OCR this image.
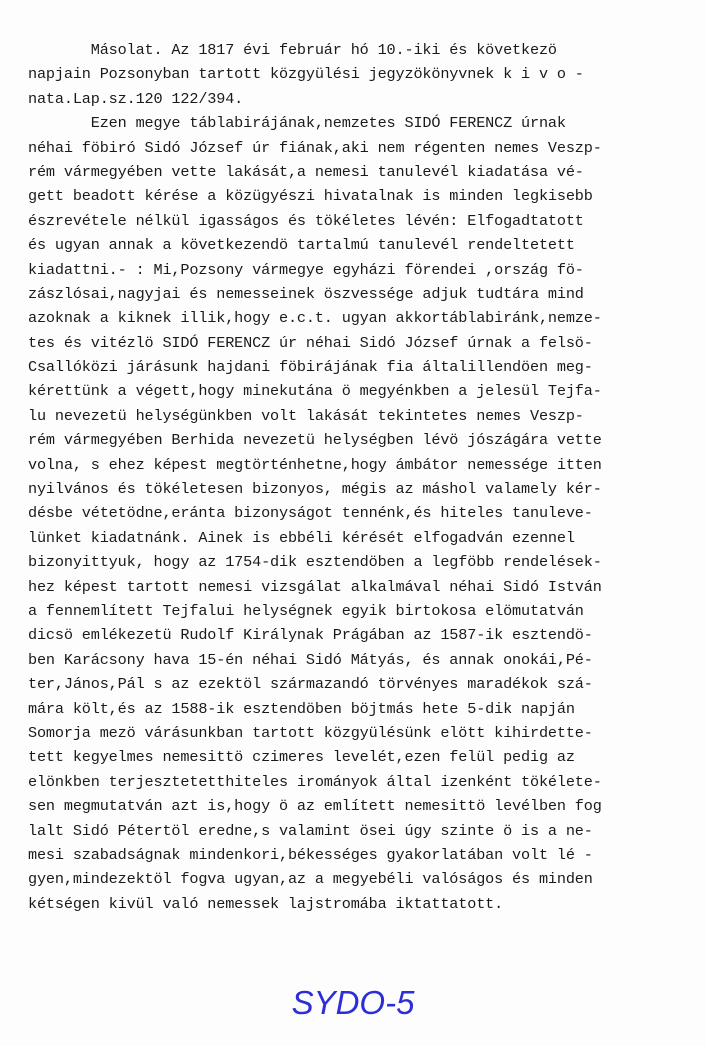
Másolat. Az 1817 évi február hó 10.-iki és következö
napjain Pozsonyban tartott közgyülési jegyzökönyvnek k i v o -
nata.Lap.sz.120 122/394.
Ezen megye táblabirájának,nemzetes SIDÓ FERENCZ úrnak
néhai föbiró Sidó József úr fiának,aki nem régenten nemes Veszp-
rém vármegyében vette lakását,a nemesi tanulevél kiadatása vé-
gett beadott kérése a közügyészi hivatalnak is minden legkisebb
észrevétele nélkül igasságos és tökéletes lévén: Elfogadtatott
és ugyan annak a következendö tartalmú tanulevél rendeltetett
kiadattni.- : Mi,Pozsony vármegye egyházi förendei ,ország fö-
zászlósai,nagyjai és nemesseinek öszvessége adjuk tudtára mind
azoknak a kiknek illik,hogy e.c.t. ugyan akkortáblabiránk,nemze-
tes és vitézlö SIDÓ FERENCZ úr néhai Sidó József úrnak a felsö-
Csallóközi járásunk hajdani föbirájának fia általillendöen meg-
kérettünk a végett,hogy minekutána ö megyénkben a jelesül Tejfa-
lu nevezetü helységünkben volt lakását tekintetes nemes Veszp-
rém vármegyében Berhida nevezetü helységben lévö jószágára vette
volna, s ehez képest megtörténhetne,hogy ámbátor nemessége itten
nyilvános és tökéletesen bizonyos, mégis az máshol valamely kér-
désbe vétetödne,eránta bizonyságot tennénk,és hiteles tanuleve-
lünket kiadatnánk. Ainek is ebbéli kérését elfogadván ezennel
bizonyittyuk, hogy az 1754-dik esztendöben a legföbb rendelések-
hez képest tartott nemesi vizsgálat alkalmával néhai Sidó István
a fennemlített Tejfalui helységnek egyik birtokosa elömutatván
dicsö emlékezetü Rudolf Királynak Prágában az 1587-ik esztendö-
ben Karácsony hava 15-én néhai Sidó Mátyás, és annak onokái,Pé-
ter,János,Pál s az ezektöl származandó törvényes maradékok szá-
mára költ,és az 1588-ik esztendöben böjtmás hete 5-dik napján
Somorja mezö várásunkban tartott közgyülésünk elött kihirdette-
tett kegyelmes nemesittö czimeres levelét,ezen felül pedig az
elönkben terjesztetetthiteles irományok által izenként tökélete-
sen megmutatván azt is,hogy ö az említett nemesittö levélben fog
lalt Sidó Pétertöl eredne,s valamint ösei úgy szinte ö is a ne-
mesi szabadságnak mindenkori,békességes gyakorlatában volt lé -
gyen,mindezektöl fogva ugyan,az a megyebéli valóságos és minden
kétségen kivül való nemessek lajstromába iktattatott.
SYDO-5
